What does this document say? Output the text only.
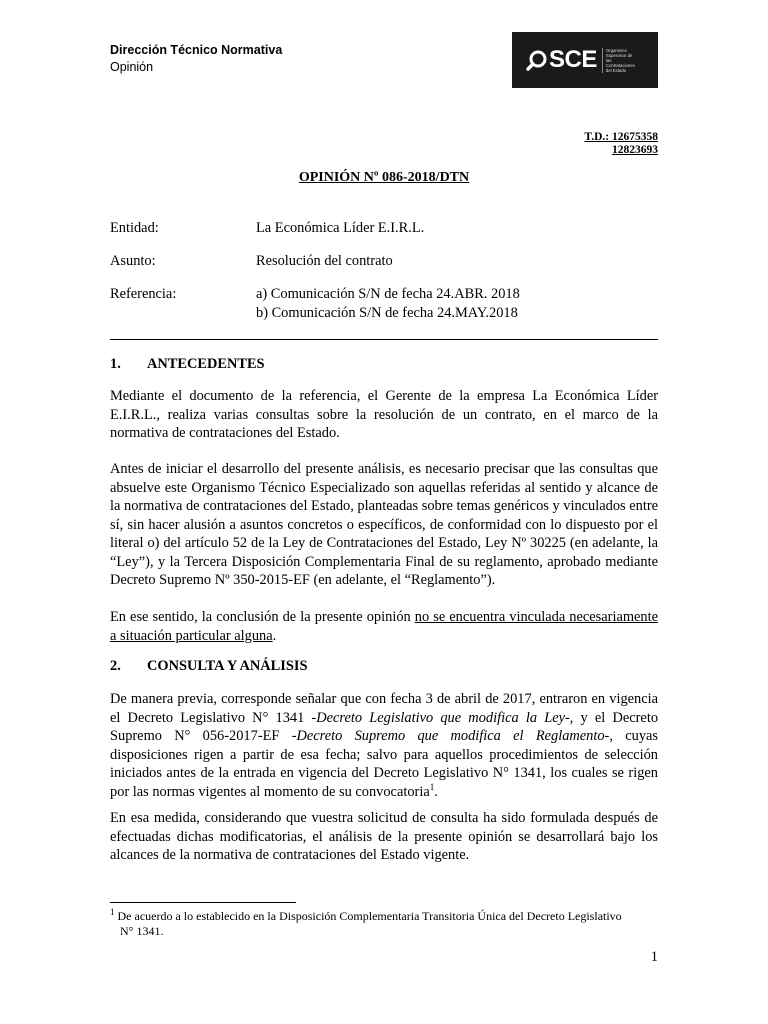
Dirección Técnico Normativa
Opinión	SCE	Organismo Supervisor de las Contrataciones del Estado
T.D.: 12675358
12823693
OPINIÓN Nº 086-2018/DTN
Entidad:	La Económica Líder E.I.R.L.
Asunto:	Resolución del contrato
Referencia:	a) Comunicación S/N de fecha 24.ABR. 2018
b) Comunicación S/N de fecha 24.MAY.2018
1. ANTECEDENTES

Mediante el documento de la referencia, el Gerente de la empresa La Económica Líder E.I.R.L., realiza varias consultas sobre la resolución de un contrato, en el marco de la normativa de contrataciones del Estado.

Antes de iniciar el desarrollo del presente análisis, es necesario precisar que las consultas que absuelve este Organismo Técnico Especializado son aquellas referidas al sentido y alcance de la normativa de contrataciones del Estado, planteadas sobre temas genéricos y vinculados entre sí, sin hacer alusión a asuntos concretos o específicos, de conformidad con lo dispuesto por el literal o) del artículo 52 de la Ley de Contrataciones del Estado, Ley Nº 30225 (en adelante, la “Ley”), y la Tercera Disposición Complementaria Final de su reglamento, aprobado mediante Decreto Supremo Nº 350-2015-EF (en adelante, el “Reglamento”).

En ese sentido, la conclusión de la presente opinión no se encuentra vinculada necesariamente a situación particular alguna.

2. CONSULTA Y ANÁLISIS

De manera previa, corresponde señalar que con fecha 3 de abril de 2017, entraron en vigencia el Decreto Legislativo N° 1341 -Decreto Legislativo que modifica la Ley-, y el Decreto Supremo N° 056-2017-EF -Decreto Supremo que modifica el Reglamento-, cuyas disposiciones rigen a partir de esa fecha; salvo para aquellos procedimientos de selección iniciados antes de la entrada en vigencia del Decreto Legislativo N° 1341, los cuales se rigen por las normas vigentes al momento de su convocatoria$^1$.

En esa medida, considerando que vuestra solicitud de consulta ha sido formulada después de efectuadas dichas modificatorias, el análisis de la presente opinión se desarrollará bajo los alcances de la normativa de contrataciones del Estado vigente.

$^1$ De acuerdo a lo establecido en la Disposición Complementaria Transitoria Única del Decreto Legislativo
N° 1341.
1
